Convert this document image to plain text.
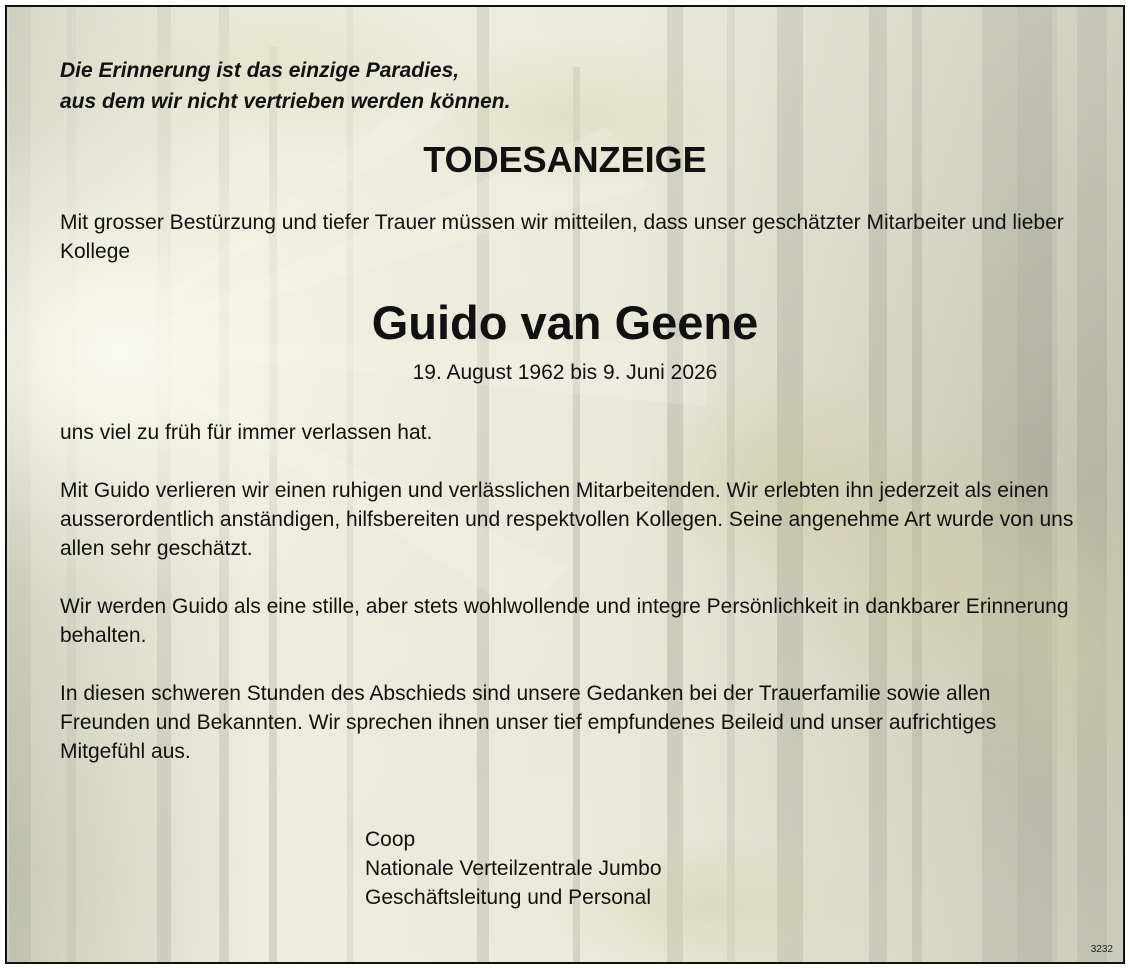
Die Erinnerung ist das einzige Paradies,
aus dem wir nicht vertrieben werden können.
TODESANZEIGE
Mit grosser Bestürzung und tiefer Trauer müssen wir mitteilen, dass unser geschätzter Mitarbeiter und lieber Kollege
Guido van Geene
19. August 1962 bis 9. Juni 2026
uns viel zu früh für immer verlassen hat.
Mit Guido verlieren wir einen ruhigen und verlässlichen Mitarbeitenden. Wir erlebten ihn jederzeit als einen ausserordentlich anständigen, hilfsbereiten und respektvollen Kollegen. Seine angenehme Art wurde von uns allen sehr geschätzt.
Wir werden Guido als eine stille, aber stets wohlwollende und integre Persönlichkeit in dankbarer Erinnerung behalten.
In diesen schweren Stunden des Abschieds sind unsere Gedanken bei der Trauerfamilie sowie allen Freunden und Bekannten. Wir sprechen ihnen unser tief empfundenes Beileid und unser aufrichtiges Mitgefühl aus.
Coop
Nationale Verteilzentrale Jumbo
Geschäftsleitung und Personal
3232
